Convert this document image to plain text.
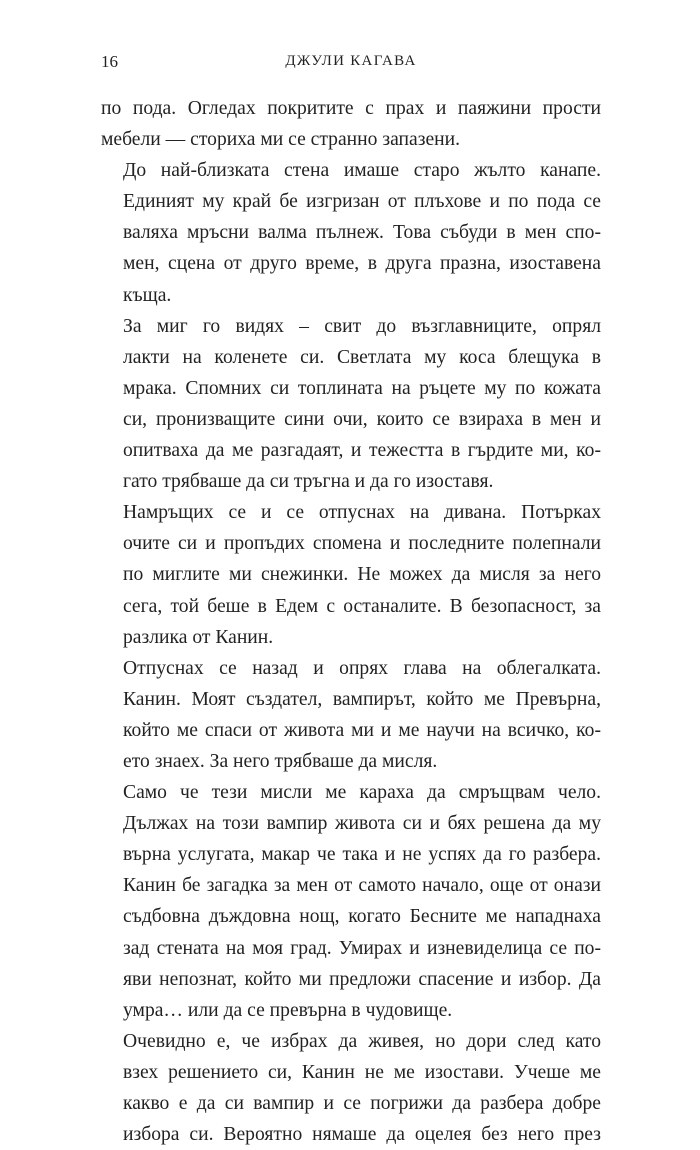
16	ДЖУЛИ КАГАВА
по пода. Огледах покритите с прах и паяжини прости
мебели — сториха ми се странно запазени.
До най-близката стена имаше старо жълто канапе.
Единият му край бе изгризан от плъхове и по пода се
валяха мръсни валма пълнеж. Това събуди в мен спо-
мен, сцена от друго време, в друга празна, изоставена
къща.
За миг го видях – свит до възглавниците, опрял
лакти на коленете си. Светлата му коса блещука в
мрака. Спомних си топлината на ръцете му по кожата
си, пронизващите сини очи, които се взираха в мен и
опитваха да ме разгадаят, и тежестта в гърдите ми, ко-
гато трябваше да си тръгна и да го изоставя.
Намръщих се и се отпуснах на дивана. Потърках
очите си и пропъдих спомена и последните полепнали
по миглите ми снежинки. Не можех да мисля за него
сега, той беше в Едем с останалите. В безопасност, за
разлика от Канин.
Отпуснах се назад и опрях глава на облегалката.
Канин. Моят създател, вампирът, който ме Превърна,
който ме спаси от живота ми и ме научи на всичко, ко-
ето знаех. За него трябваше да мисля.
Само че тези мисли ме караха да смръщвам чело.
Дължах на този вампир живота си и бях решена да му
върна услугата, макар че така и не успях да го разбера.
Канин бе загадка за мен от самото начало, още от онази
съдбовна дъждовна нощ, когато Бесните ме нападнаха
зад стената на моя град. Умирах и изневиделица се по-
яви непознат, който ми предложи спасение и избор. Да
умра… или да се превърна в чудовище.
Очевидно е, че избрах да живея, но дори след като
взех решението си, Канин не ме изостави. Учеше ме
какво е да си вампир и се погрижи да разбера добре
избора си. Вероятно нямаше да оцелея без него през
